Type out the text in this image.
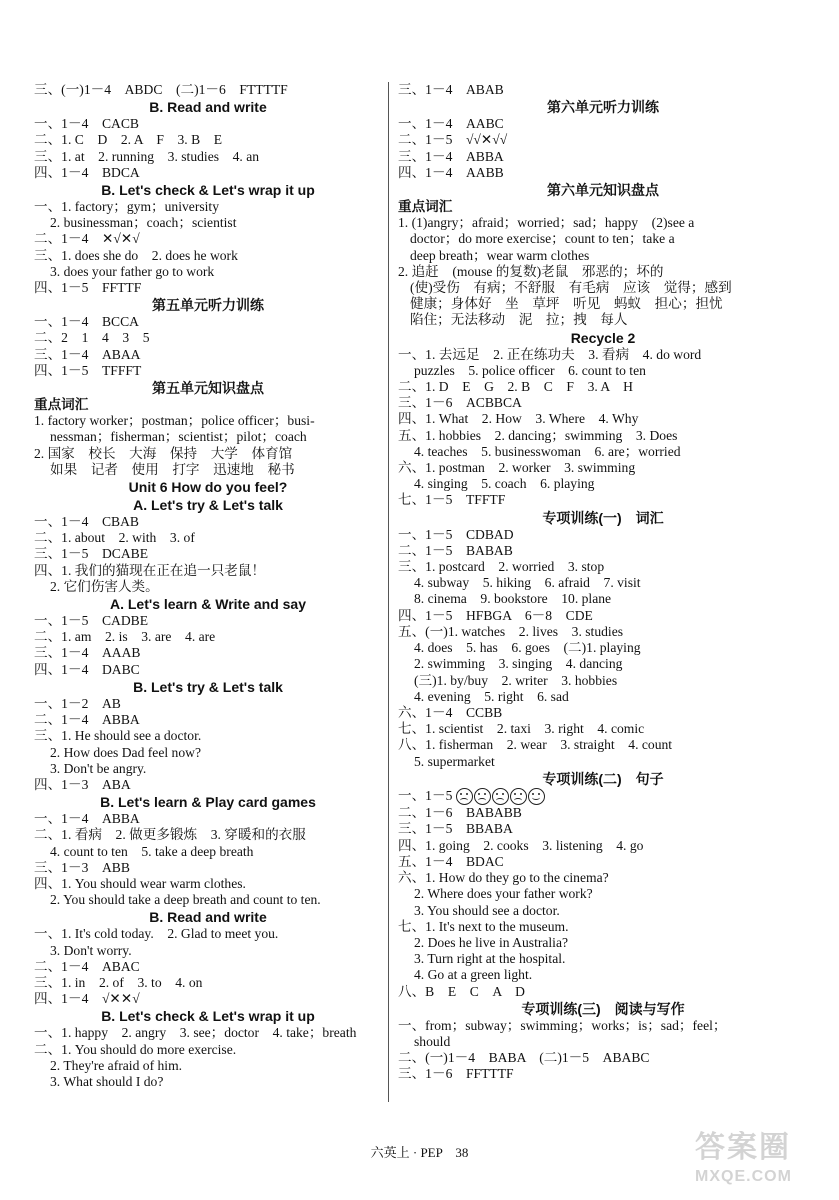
三、(一)1－4　ABDC　(二)1－6　FTTTTF
B. Read and write
一、1－4　CACB
二、1. C　D　2. A　F　3. B　E
三、1. at　2. running　3. studies　4. an
四、1－4　BDCA
B. Let's check & Let's wrap it up
一、1. factory；gym；university
2. businessman；coach；scientist
二、1－4　✕√✕√
三、1. does she do　2. does he work
3. does your father go to work
四、1－5　FFTTF
第五单元听力训练
一、1－4　BCCA
二、2　1　4　3　5
三、1－4　ABAA
四、1－5　TFFFT
第五单元知识盘点
重点词汇
1. factory worker；postman；police officer；busi-
nessman；fisherman；scientist；pilot；coach
2. 国家　校长　大海　保持　大学　体育馆
如果　记者　使用　打字　迅速地　秘书
Unit 6 How do you feel?
A. Let's try & Let's talk
一、1－4　CBAB
二、1. about　2. with　3. of
三、1－5　DCABE
四、1. 我们的猫现在正在追一只老鼠！
2. 它们伤害人类。
A. Let's learn & Write and say
一、1－5　CADBE
二、1. am　2. is　3. are　4. are
三、1－4　AAAB
四、1－4　DABC
B. Let's try & Let's talk
一、1－2　AB
二、1－4　ABBA
三、1. He should see a doctor.
2. How does Dad feel now?
3. Don't be angry.
四、1－3　ABA
B. Let's learn & Play card games
一、1－4　ABBA
二、1. 看病　2. 做更多锻炼　3. 穿暖和的衣服
4. count to ten　5. take a deep breath
三、1－3　ABB
四、1. You should wear warm clothes.
2. You should take a deep breath and count to ten.
B. Read and write
一、1. It's cold today.　2. Glad to meet you.
3. Don't worry.
二、1－4　ABAC
三、1. in　2. of　3. to　4. on
四、1－4　√✕✕√
B. Let's check & Let's wrap it up
一、1. happy　2. angry　3. see；doctor　4. take；breath
二、1. You should do more exercise.
2. They're afraid of him.
3. What should I do?
三、1－4　ABAB
第六单元听力训练
一、1－4　AABC
二、1－5　√√✕√√
三、1－4　ABBA
四、1－4　AABB
第六单元知识盘点
重点词汇
1. (1)angry；afraid；worried；sad；happy　(2)see a
doctor；do more exercise；count to ten；take a
deep breath；wear warm clothes
2. 追赶　(mouse 的复数)老鼠　邪恶的；坏的
(使)受伤　有病；不舒服　有毛病　应该　觉得；感到
健康；身体好　坐　草坪　听见　蚂蚁　担心；担忧
陷住；无法移动　泥　拉；拽　每人
Recycle 2
一、1. 去远足　2. 正在练功夫　3. 看病　4. do word
puzzles　5. police officer　6. count to ten
二、1. D　E　G　2. B　C　F　3. A　H
三、1－6　ACBBCA
四、1. What　2. How　3. Where　4. Why
五、1. hobbies　2. dancing；swimming　3. Does
4. teaches　5. businesswoman　6. are；worried
六、1. postman　2. worker　3. swimming
4. singing　5. coach　6. playing
七、1－5　TFFTF
专项训练(一)　词汇
一、1－5　CDBAD
二、1－5　BABAB
三、1. postcard　2. worried　3. stop
4. subway　5. hiking　6. afraid　7. visit
8. cinema　9. bookstore　10. plane
四、1－5　HFBGA　6－8　CDE
五、(一)1. watches　2. lives　3. studies
4. does　5. has　6. goes　(二)1. playing
2. swimming　3. singing　4. dancing
(三)1. by/buy　2. writer　3. hobbies
4. evening　5. right　6. sad
六、1－4　CCBB
七、1. scientist　2. taxi　3. right　4. comic
八、1. fisherman　2. wear　3. straight　4. count
5. supermarket
专项训练(二)　句子
一、1－5
二、1－6　BABABB
三、1－5　BBABA
四、1. going　2. cooks　3. listening　4. go
五、1－4　BDAC
六、1. How do they go to the cinema?
2. Where does your father work?
3. You should see a doctor.
七、1. It's next to the museum.
2. Does he live in Australia?
3. Turn right at the hospital.
4. Go at a green light.
八、B　E　C　A　D
专项训练(三)　阅读与写作
一、from；subway；swimming；works；is；sad；feel；
should
二、(一)1－4　BABA　(二)1－5　ABABC
三、1－6　FFTTTF
六英上 · PEP　38	答案圈
MXQE.COM
